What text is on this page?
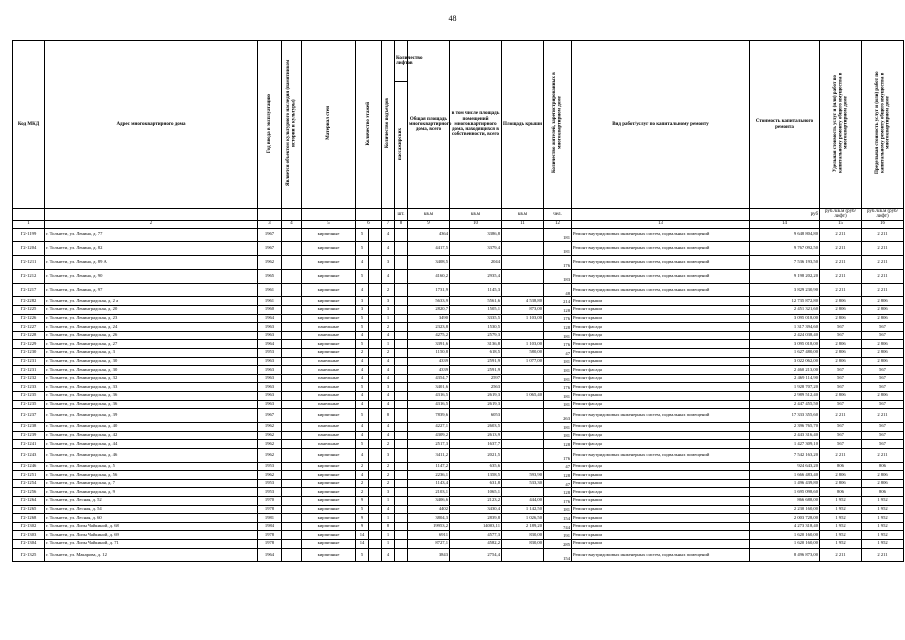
48
Код МКД	Адрес многоквартирного дома	Год ввода в эксплуатацию	Является объектом культурного наследия (памятником истории и культуры)	Материал стен	Количество этажей		Количество подъездов	Количество лифтов	Общая площадь многоквартирного дома, всего	в том числе площадь помещений многоквартирного дома, находящихся в собственности, всего	Площадь крыши	Количество жителей, зарегистрированных в многоквартирном доме	Вид работ/услуг по капитальному ремонту	Стоимость капитального ремонта	Удельная стоимость услуг и (или) работ по капитальному ремонту общего имущества в многоквартирном доме	Предельная стоимость услуг и (или) работ по капитальному ремонту общего имущества в многоквартирном доме
								пассажирских								
								шт.	кв.м	кв.м	кв.м	чел.		руб	руб./кв.м (руб/лифт)	руб./кв.м (руб/лифт)
1	2	3	4	5	6		7	8	9	10	11	12	13	14	15	16
Г2-1199	г. Тольятти, ул. Ленина, д. 77	1967		кирпичные	5		4		4364	3386,8		181	Ремонт внутридомовых инженерных систем, подвальных помещений	9 648 804,80	2 211	2 211
Г2-1204	г. Тольятти, ул. Ленина, д. 82	1967		кирпичные	5		4		4417,5	3379,4		181	Ремонт внутридомовых инженерных систем, подвальных помещений	9 767 092,50	2 211	2 211
Г2-1211	г. Тольятти, ул. Ленина, д. 89 А	1962		кирпичные	4		3		3408,5	2044		176	Ремонт внутридомовых инженерных систем, подвальных помещений	7 536 193,50	2 211	2 211
Г2-1212	г. Тольятти, ул. Ленина, д. 90	1965		кирпичные	5		4		4160,2	2935,4		183	Ремонт внутридомовых инженерных систем, подвальных помещений	9 198 202,20	2 211	2 211
Г2-1217	г. Тольятти, ул. Ленина, д. 97	1961		кирпичные	4		2		1731,9	1145,3		48	Ремонт внутридомовых инженерных систем, подвальных помещений	3 829 230,90	2 211	2 211
Г2-2282	г. Тольятти, ул. Ленинградская, д. 2 а	1961		кирпичные	3		3		5633,9	5561,6	4 538,80	214	Ремонт крыши	12 735 872,80	2 806	2 806
Г2-1225	г. Тольятти, ул. Ленинградская, д. 20	1960		кирпичные	3		3		2820,7	1505,1	873,00	128	Ремонт крыши	2 451 321,60	2 806	2 806
Г2-1226	г. Тольятти, ул. Ленинградская, д. 23	1964		кирпичные	5		1		3490	3335,5	1 103,00	176	Ремонт крыши	3 095 018,00	2 806	2 806
Г2-1227	г. Тольятти, ул. Ленинградская, д. 24	1963		панельные	5		2		2323,8	1530,5		128	Ремонт фасада	1 317 394,60	567	567
Г2-1228	г. Тольятти, ул. Ленинградская, д. 26	1963		панельные	4		4		4275,2	2579,3		181	Ремонт фасада	2 424 038,40	567	567
Г2-1229	г. Тольятти, ул. Ленинградская, д. 27	1964		кирпичные	5		1		3391,6	3136,8	1 103,00	176	Ремонт крыши	3 095 018,00	2 806	2 806
Г2-1230	г. Тольятти, ул. Ленинградская, д. 3	1953		кирпичные	2		2		1150,8	618,5	580,00	47	Ремонт крыши	1 627 480,00	2 806	2 806
Г2-1231	г. Тольятти, ул. Ленинградская, д. 30	1963		панельные	4		4		4339	2591,9	1 077,00	181	Ремонт крыши	3 022 062,00	2 806	2 806
Г2-1231	г. Тольятти, ул. Ленинградская, д. 30	1963		панельные	4		4		4339	2591,9		181	Ремонт фасада	2 460 213,00	567	567
Г2-1232	г. Тольятти, ул. Ленинградская, д. 32	1963		панельные	4		4		4354,7	2597		181	Ремонт фасада	2 469 114,90	567	567
Г2-1233	г. Тольятти, ул. Ленинградская, д. 33	1963		панельные	5		3		3401,6	2563		176	Ремонт фасада	1 928 707,20	567	567
Г2-1235	г. Тольятти, ул. Ленинградская, д. 36	1963		панельные	4		4		4316,5	2619,3	1 065,40	181	Ремонт крыши	2 989 512,40	2 806	2 806
Г2-1235	г. Тольятти, ул. Ленинградская, д. 36	1963		панельные	4		4		4316,5	2619,3		181	Ремонт фасада	2 447 455,50	567	567
Г2-1237	г. Тольятти, ул. Ленинградская, д. 39	1967		кирпичные	5		8		7839,6	6053		263	Ремонт внутридомовых инженерных систем, подвальных помещений	17 333 355,60	2 211	2 211
Г2-1238	г. Тольятти, ул. Ленинградская, д. 40	1962		панельные	4		4		4227,1	2603,5		181	Ремонт фасада	2 396 765,70	567	567
Г2-1239	г. Тольятти, ул. Ленинградская, д. 42	1962		панельные	4		4		4309,2	2613,9		181	Ремонт фасада	2 443 316,40	567	567
Г2-1241	г. Тольятти, ул. Ленинградская, д. 44	1962		панельные	5		2		2517,3	1637,7		128	Ремонт фасада	1 427 309,10	567	567
Г2-1243	г. Тольятти, ул. Ленинградская, д. 46	1962		кирпичные	4		3		3411,2	2021,5		176	Ремонт внутридомовых инженерных систем, подвальных помещений	7 542 163,20	2 211	2 211
Г2-1246	г. Тольятти, ул. Ленинградская, д. 5	1953		кирпичные	2		2		1147,2	635,6		47	Ремонт фасада	924 643,20	806	806
Г2-1251	г. Тольятти, ул. Ленинградская, д. 56	1962		кирпичные	4		2		2236,1	1358,5	593,90	128	Ремонт крыши	1 666 483,40	2 806	2 806
Г2-1254	г. Тольятти, ул. Ленинградская, д. 7	1953		кирпичные	2		2		1143,4	631,8	533,30	47	Ремонт крыши	1 496 439,80	2 806	2 806
Г2-1256	г. Тольятти, ул. Ленинградская, д. 9	1953		кирпичные	2		3		2103,1	1065,1		128	Ремонт фасада	1 695 098,60	806	806
Г2-1264	г. Тольятти, ул. Лесная, д. 52	1970		кирпичные	9		1		3406,6	2123,2	444,00	176	Ремонт крыши	866 688,00	1 952	1 952
Г2-1265	г. Тольятти, ул. Лесная, д. 54	1978		кирпичные	5		4		4402	3430,4	1 142,50	181	Ремонт крыши	2 230 160,00	1 952	1 952
Г2-1268	г. Тольятти, ул. Лесная, д. 60	1981		кирпичные	9		1		3804,3	2839,8	1 026,50	154	Ремонт крыши	2 003 728,00	1 952	1 952
Г2-1302	г. Тольятти, ул. Лизы Чайкиной, д. 68	1984		кирпичные	9		8		19953,2	14003,11	2 189,20	744	Ремонт крыши	4 273 318,40	1 952	1 952
Г2-1303	г. Тольятти, ул. Лизы Чайкиной, д. 69	1978		кирпичные	14		1		6911	4577,3	830,00	191	Ремонт крыши	1 620 160,00	1 952	1 952
Г2-1304	г. Тольятти, ул. Лизы Чайкиной, д. 71	1978		кирпичные	14		1		8727,1	4582,2	830,00	285	Ремонт крыши	1 620 160,00	1 952	1 952
Г2-1325	г. Тольятти, ул. Макарова, д. 12	1964		кирпичные	5		4		3843	2754,4		154	Ремонт внутридомовых инженерных систем, подвальных помещений	8 496 873,00	2 211	2 211
